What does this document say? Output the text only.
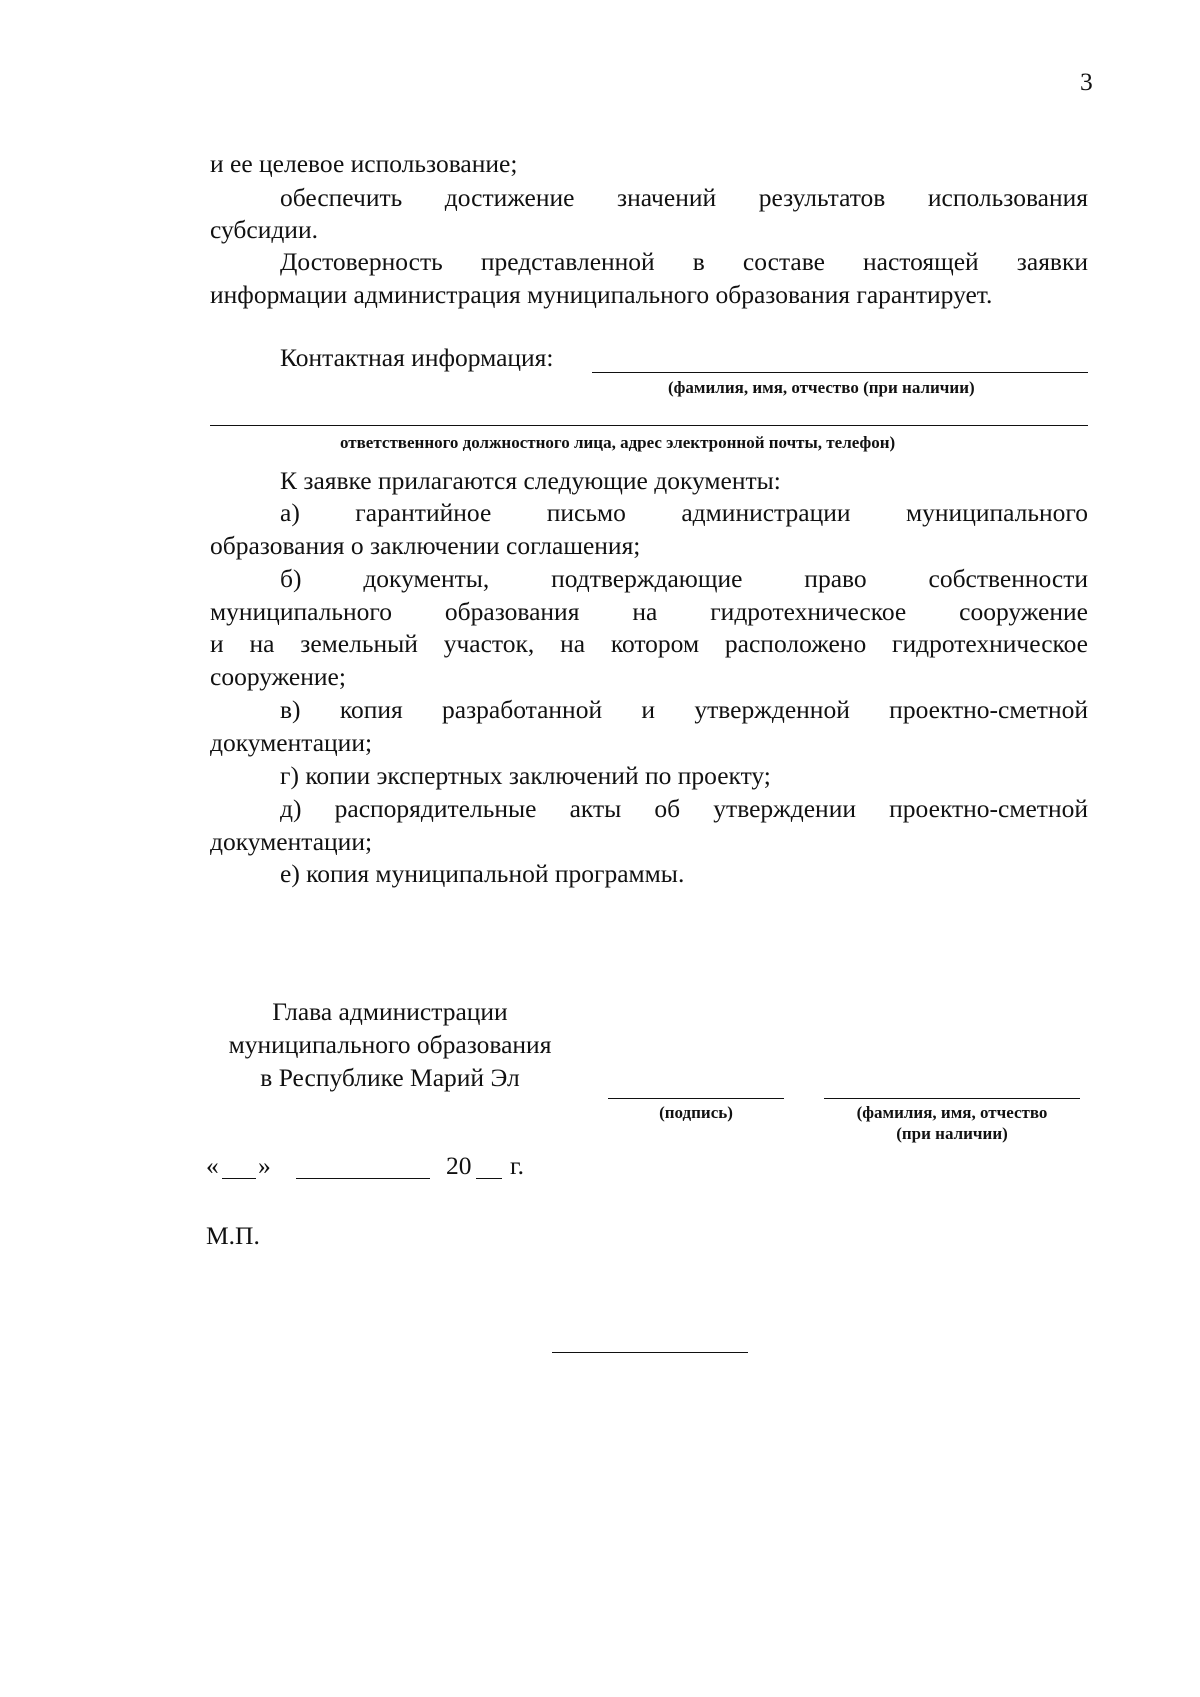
3
и ее целевое использование;
обеспечить достижение значений результатов использования
субсидии.
Достоверность представленной в составе настоящей заявки
информации администрация муниципального образования гарантирует.
Контактная информация:
(фамилия, имя, отчество (при наличии)
ответственного должностного лица, адрес электронной почты, телефон)
К заявке прилагаются следующие документы:
а) гарантийное письмо администрации муниципального
образования о заключении соглашения;
б) документы, подтверждающие право собственности
муниципального образования на гидротехническое сооружение
и на земельный участок, на котором расположено гидротехническое
сооружение;
в) копия разработанной и утвержденной проектно-сметной
документации;
г) копии экспертных заключений по проекту;
д) распорядительные акты об утверждении проектно-сметной
документации;
е) копия муниципальной программы.
Глава администрации
муниципального образования
в Республике Марий Эл
(подпись)	(фамилия, имя, отчество
(при наличии)
« »	20 г.
М.П.
